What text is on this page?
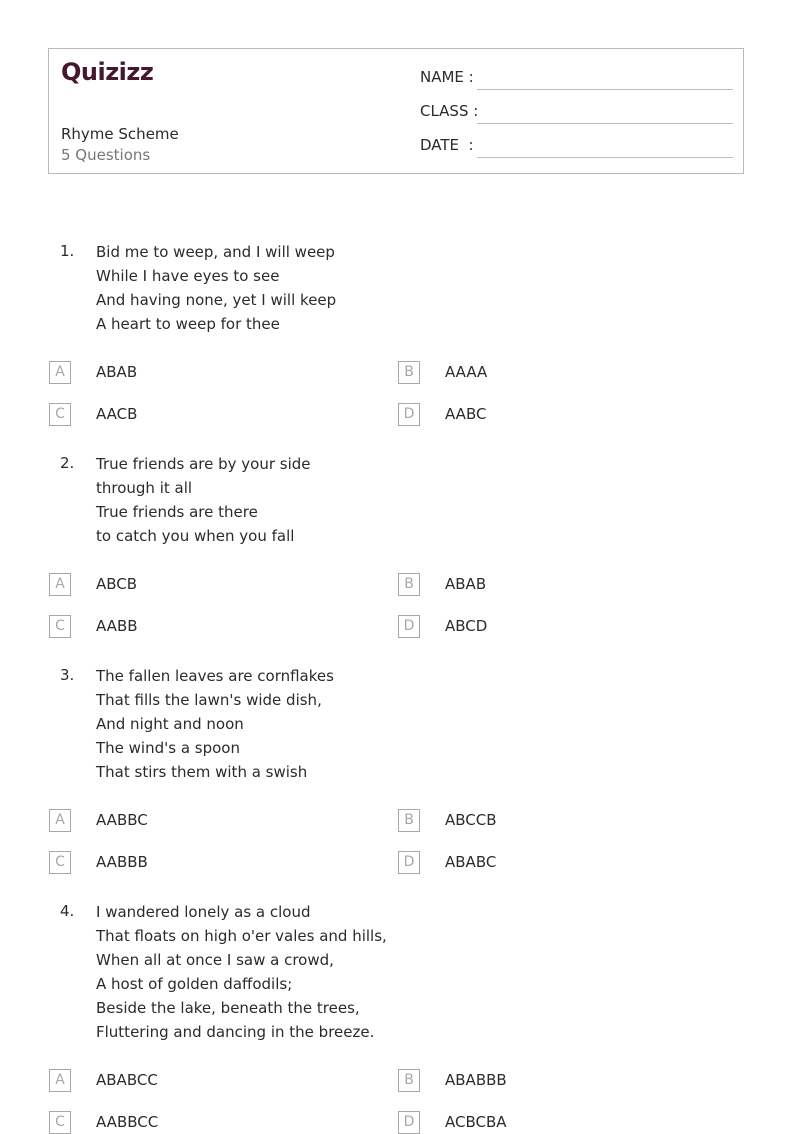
Quizizz
Rhyme Scheme
5 Questions
NAME :
CLASS :
DATE  :
1. Bid me to weep, and I will weep
While I have eyes to see
And having none, yet I will keep
A heart to weep for thee
A	ABAB	B	AAAA
C	AACB	D	AABC
2. True friends are by your side
through it all
True friends are there
to catch you when you fall
A	ABCB	B	ABAB
C	AABB	D	ABCD
3. The fallen leaves are cornflakes
That fills the lawn's wide dish,
And night and noon
The wind's a spoon
That stirs them with a swish
A	AABBC	B	ABCCB
C	AABBB	D	ABABC
4. I wandered lonely as a cloud
That floats on high o'er vales and hills,
When all at once I saw a crowd,
A host of golden daffodils;
Beside the lake, beneath the trees,
Fluttering and dancing in the breeze.
A	ABABCC	B	ABABBB
C	AABBCC	D	ACBCBA
